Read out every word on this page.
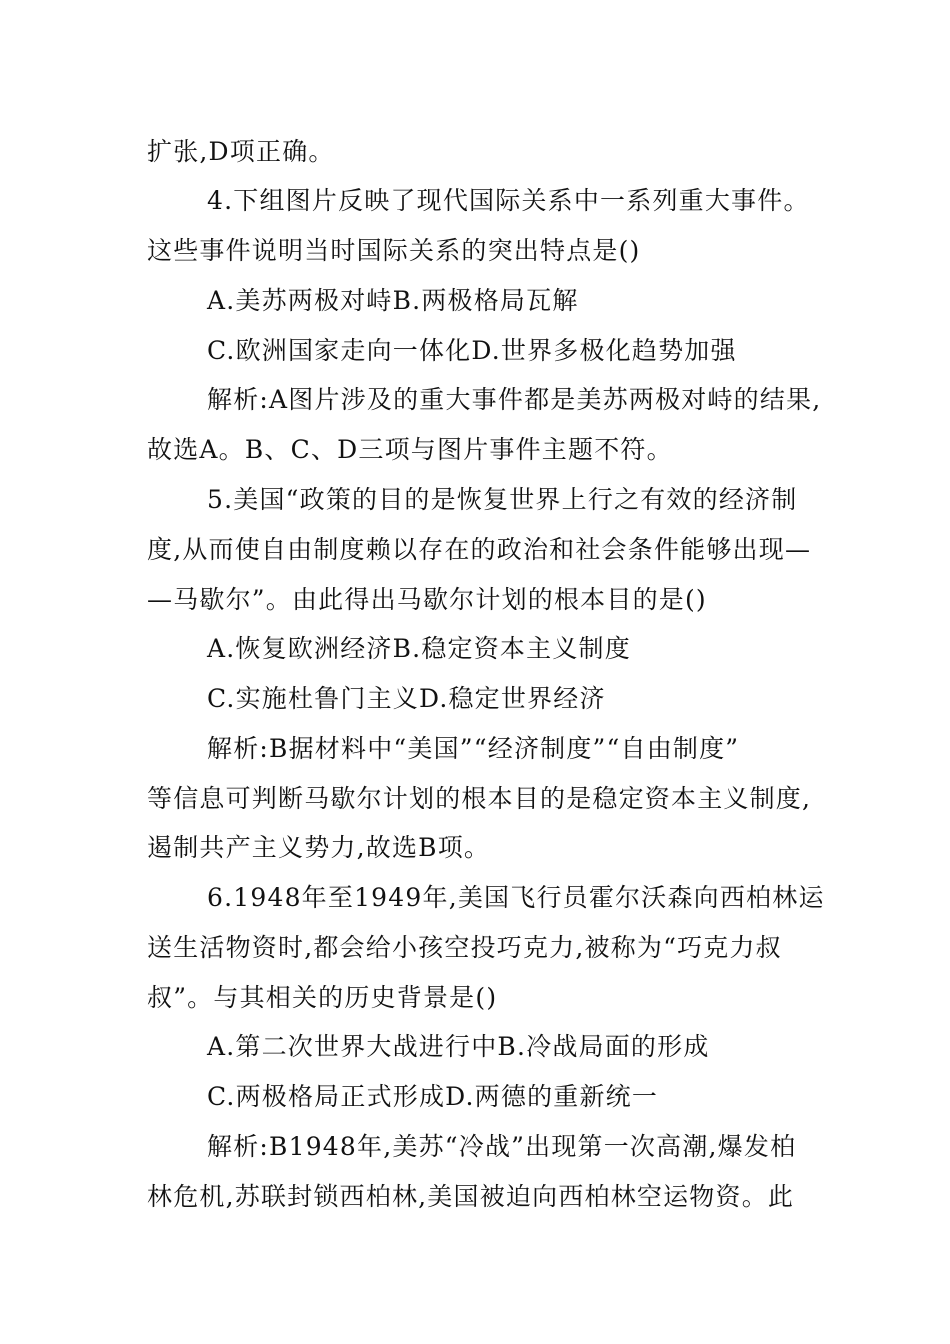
扩张,D项正确。
4.下组图片反映了现代国际关系中一系列重大事件。
这些事件说明当时国际关系的突出特点是()
A.美苏两极对峙B.两极格局瓦解
C.欧洲国家走向一体化D.世界多极化趋势加强
解析:A图片涉及的重大事件都是美苏两极对峙的结果,
故选A。B、C、D三项与图片事件主题不符。
5.美国“政策的目的是恢复世界上行之有效的经济制
度,从而使自由制度赖以存在的政治和社会条件能够出现—
—马歇尔”。由此得出马歇尔计划的根本目的是()
A.恢复欧洲经济B.稳定资本主义制度
C.实施杜鲁门主义D.稳定世界经济
解析:B据材料中“美国”“经济制度”“自由制度”
等信息可判断马歇尔计划的根本目的是稳定资本主义制度,
遏制共产主义势力,故选B项。
6.1948年至1949年,美国飞行员霍尔沃森向西柏林运
送生活物资时,都会给小孩空投巧克力,被称为“巧克力叔
叔”。与其相关的历史背景是()
A.第二次世界大战进行中B.冷战局面的形成
C.两极格局正式形成D.两德的重新统一
解析:B1948年,美苏“冷战”出现第一次高潮,爆发柏
林危机,苏联封锁西柏林,美国被迫向西柏林空运物资。此
